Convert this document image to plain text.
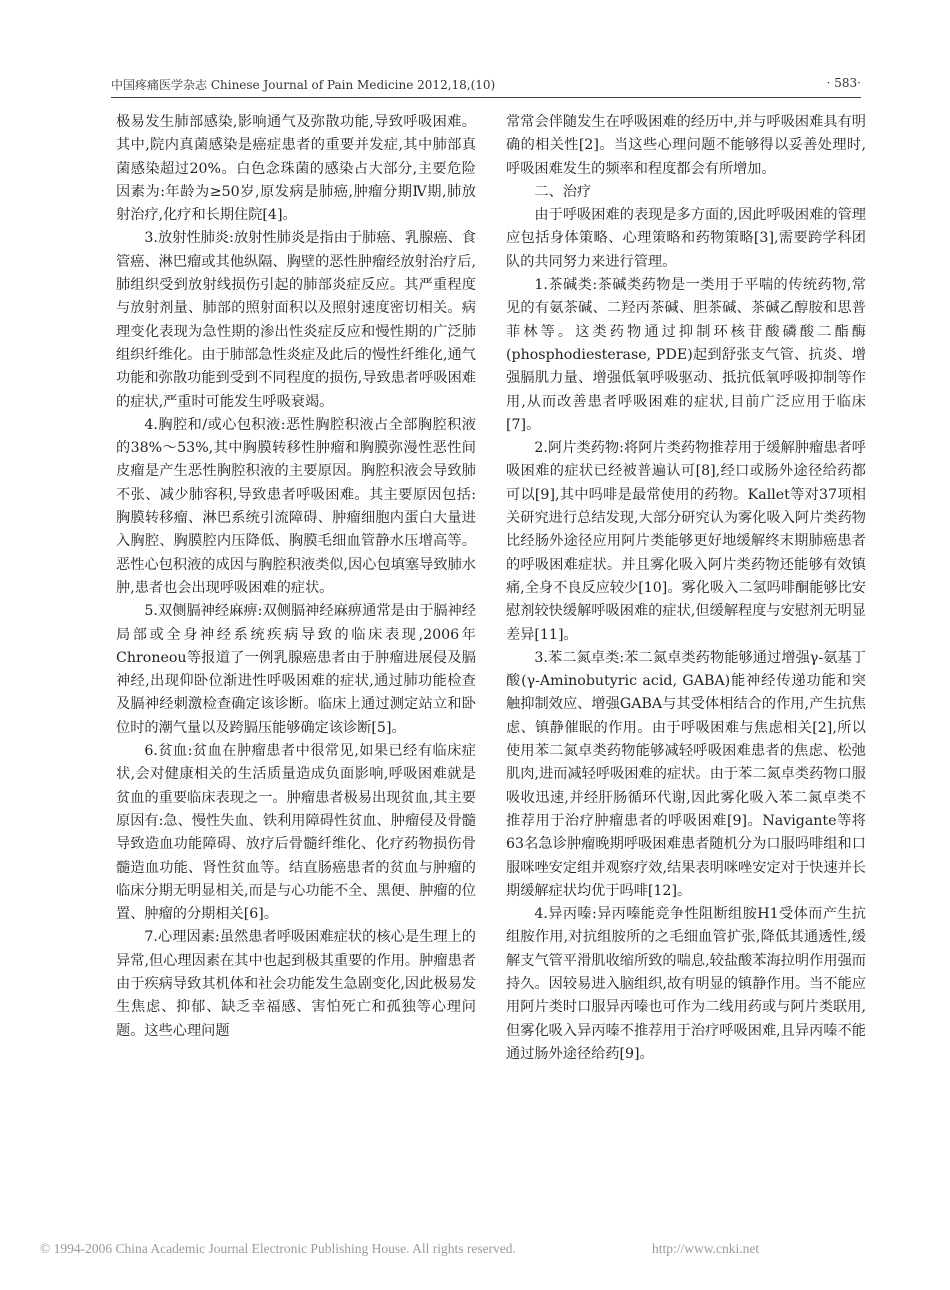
中国疼痛医学杂志 Chinese Journal of Pain Medicine 2012,18,(10)	· 583·

极易发生肺部感染,影响通气及弥散功能,导致呼吸困难。其中,院内真菌感染是癌症患者的重要并发症,其中肺部真菌感染超过20%。白色念珠菌的感染占大部分,主要危险因素为:年龄为≥50岁,原发病是肺癌,肿瘤分期Ⅳ期,肺放射治疗,化疗和长期住院[4]。

3.放射性肺炎:放射性肺炎是指由于肺癌、乳腺癌、食管癌、淋巴瘤或其他纵隔、胸壁的恶性肿瘤经放射治疗后,肺组织受到放射线损伤引起的肺部炎症反应。其严重程度与放射剂量、肺部的照射面积以及照射速度密切相关。病理变化表现为急性期的渗出性炎症反应和慢性期的广泛肺组织纤维化。由于肺部急性炎症及此后的慢性纤维化,通气功能和弥散功能到受到不同程度的损伤,导致患者呼吸困难的症状,严重时可能发生呼吸衰竭。

4.胸腔和/或心包积液:恶性胸腔积液占全部胸腔积液的38%～53%,其中胸膜转移性肿瘤和胸膜弥漫性恶性间皮瘤是产生恶性胸腔积液的主要原因。胸腔积液会导致肺不张、减少肺容积,导致患者呼吸困难。其主要原因包括:胸膜转移瘤、淋巴系统引流障碍、肿瘤细胞内蛋白大量进入胸腔、胸膜腔内压降低、胸膜毛细血管静水压增高等。恶性心包积液的成因与胸腔积液类似,因心包填塞导致肺水肿,患者也会出现呼吸困难的症状。

5.双侧膈神经麻痹:双侧膈神经麻痹通常是由于膈神经局部或全身神经系统疾病导致的临床表现,2006年Chroneou等报道了一例乳腺癌患者由于肿瘤进展侵及膈神经,出现仰卧位渐进性呼吸困难的症状,通过肺功能检查及膈神经刺激检查确定该诊断。临床上通过测定站立和卧位时的潮气量以及跨膈压能够确定该诊断[5]。

6.贫血:贫血在肿瘤患者中很常见,如果已经有临床症状,会对健康相关的生活质量造成负面影响,呼吸困难就是贫血的重要临床表现之一。肿瘤患者极易出现贫血,其主要原因有:急、慢性失血、铁利用障碍性贫血、肿瘤侵及骨髓导致造血功能障碍、放疗后骨髓纤维化、化疗药物损伤骨髓造血功能、肾性贫血等。结直肠癌患者的贫血与肿瘤的临床分期无明显相关,而是与心功能不全、黑便、肿瘤的位置、肿瘤的分期相关[6]。

7.心理因素:虽然患者呼吸困难症状的核心是生理上的异常,但心理因素在其中也起到极其重要的作用。肿瘤患者由于疾病导致其机体和社会功能发生急剧变化,因此极易发生焦虑、抑郁、缺乏幸福感、害怕死亡和孤独等心理问题。这些心理问题

常常会伴随发生在呼吸困难的经历中,并与呼吸困难具有明确的相关性[2]。当这些心理问题不能够得以妥善处理时,呼吸困难发生的频率和程度都会有所增加。

二、治疗

由于呼吸困难的表现是多方面的,因此呼吸困难的管理应包括身体策略、心理策略和药物策略[3],需要跨学科团队的共同努力来进行管理。

1.茶碱类:茶碱类药物是一类用于平喘的传统药物,常见的有氨茶碱、二羟丙茶碱、胆茶碱、茶碱乙醇胺和思普菲林等。这类药物通过抑制环核苷酸磷酸二酯酶(phosphodiesterase, PDE)起到舒张支气管、抗炎、增强膈肌力量、增强低氧呼吸驱动、抵抗低氧呼吸抑制等作用,从而改善患者呼吸困难的症状,目前广泛应用于临床[7]。

2.阿片类药物:将阿片类药物推荐用于缓解肿瘤患者呼吸困难的症状已经被普遍认可[8],经口或肠外途径给药都可以[9],其中吗啡是最常使用的药物。Kallet等对37项相关研究进行总结发现,大部分研究认为雾化吸入阿片类药物比经肠外途径应用阿片类能够更好地缓解终末期肺癌患者的呼吸困难症状。并且雾化吸入阿片类药物还能够有效镇痛,全身不良反应较少[10]。雾化吸入二氢吗啡酮能够比安慰剂较快缓解呼吸困难的症状,但缓解程度与安慰剂无明显差异[11]。

3.苯二氮卓类:苯二氮卓类药物能够通过增强γ-氨基丁酸(γ-Aminobutyric acid, GABA)能神经传递功能和突触抑制效应、增强GABA与其受体相结合的作用,产生抗焦虑、镇静催眠的作用。由于呼吸困难与焦虑相关[2],所以使用苯二氮卓类药物能够减轻呼吸困难患者的焦虑、松弛肌肉,进而减轻呼吸困难的症状。由于苯二氮卓类药物口服吸收迅速,并经肝肠循环代谢,因此雾化吸入苯二氮卓类不推荐用于治疗肿瘤患者的呼吸困难[9]。Navigante等将63名急诊肿瘤晚期呼吸困难患者随机分为口服吗啡组和口服咪唑安定组并观察疗效,结果表明咪唑安定对于快速并长期缓解症状均优于吗啡[12]。

4.异丙嗪:异丙嗪能竞争性阻断组胺H1受体而产生抗组胺作用,对抗组胺所的之毛细血管扩张,降低其通透性,缓解支气管平滑肌收缩所致的喘息,较盐酸苯海拉明作用强而持久。因较易进入脑组织,故有明显的镇静作用。当不能应用阿片类时口服异丙嗪也可作为二线用药或与阿片类联用,但雾化吸入异丙嗪不推荐用于治疗呼吸困难,且异丙嗪不能通过肠外途径给药[9]。

© 1994-2006 China Academic Journal Electronic Publishing House. All rights reserved.	http://www.cnki.net
